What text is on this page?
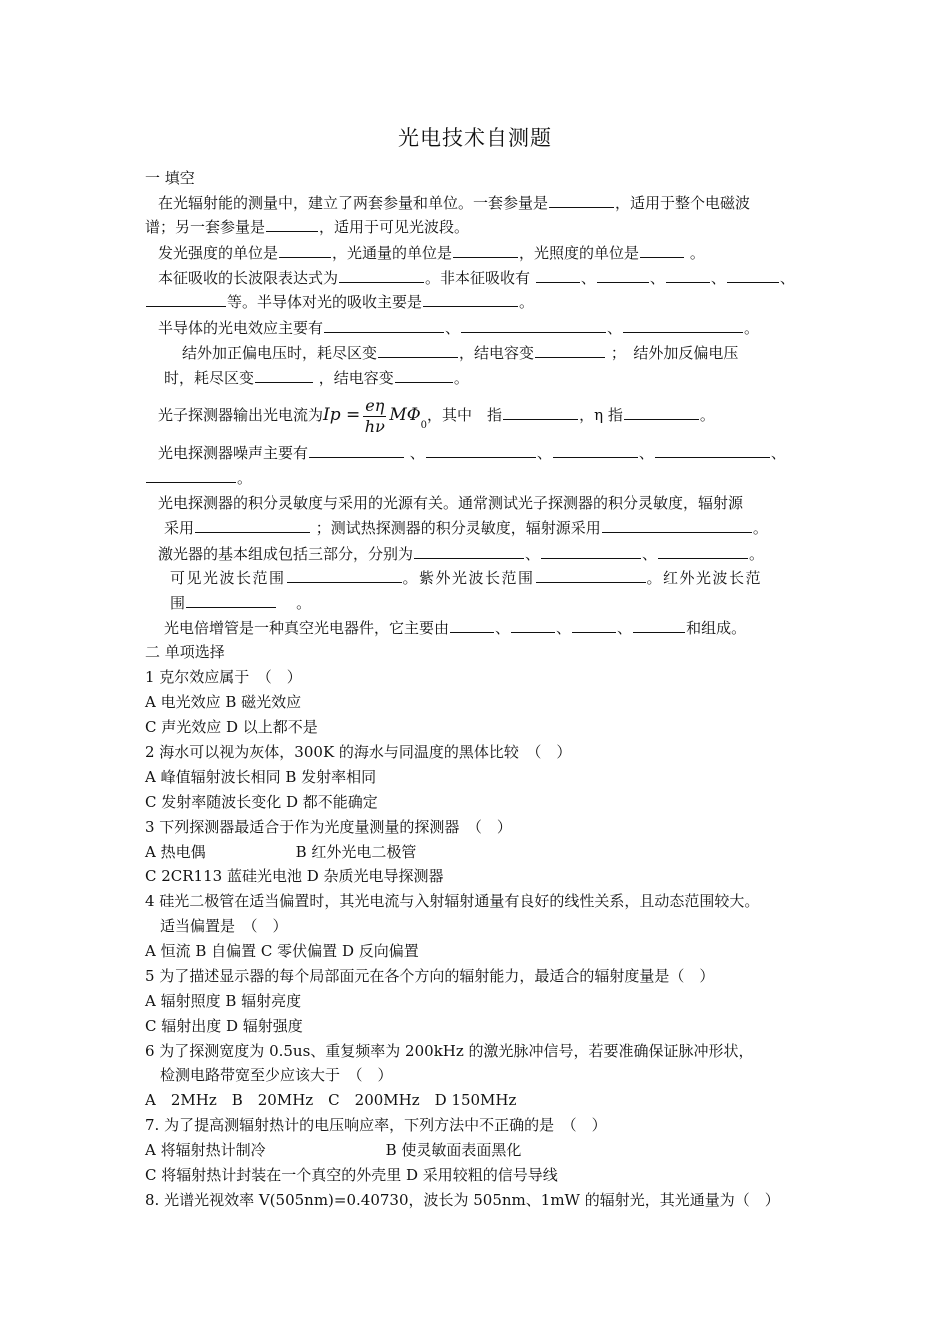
光电技术自测题
一 填空
在光辐射能的测量中，建立了两套参量和单位。一套参量是	，适用于整个电磁波
谱；另一套参量是	，适用于可见光波段。
发光强度的单位是	，光通量的单位是	，光照度的单位是	。
本征吸收的长波限表达式为	。非本征吸收有	、	、	、	、
等。半导体对光的吸收主要是	。
半导体的光电效应主要有	、	、	。
结外加正偏电压时，耗尽区变	，结电容变	；　结外加反偏电压
时，耗尽区变	，结电容变	。
光子探测器输出光电流为$Ip = \frac{e\eta}{h\nu} M\Phi_0$，其中　指	，η 指	。
光电探测器噪声主要有	、	、	、	、
。
光电探测器的积分灵敏度与采用的光源有关。通常测试光子探测器的积分灵敏度，辐射源
采用	；测试热探测器的积分灵敏度，辐射源采用	。
激光器的基本组成包括三部分，分别为	、	、	。
可见光波长范围	。紫外光波长范围	。红外光波长范
围	。
光电倍增管是一种真空光电器件，它主要由	、	、	、	和组成。
二 单项选择
1 克尔效应属于　（　）
A 电光效应 B 磁光效应
C 声光效应 D 以上都不是
2 海水可以视为灰体，300K 的海水与同温度的黑体比较　（　）
A 峰值辐射波长相同 B 发射率相同
C 发射率随波长变化 D 都不能确定
3 下列探测器最适合于作为光度量测量的探测器　（　）
A 热电偶　　　　　　B 红外光电二极管
C 2CR113 蓝硅光电池 D 杂质光电导探测器
4 硅光二极管在适当偏置时，其光电流与入射辐射通量有良好的线性关系，且动态范围较大。
适当偏置是　（　）
A 恒流 B 自偏置 C 零伏偏置 D 反向偏置
5 为了描述显示器的每个局部面元在各个方向的辐射能力，最适合的辐射度量是（　）
A 辐射照度 B 辐射亮度
C 辐射出度 D 辐射强度
6 为了探测宽度为 0.5us、重复频率为 200kHz 的激光脉冲信号，若要准确保证脉冲形状，
检测电路带宽至少应该大于　（　）
A　2MHz　B　20MHz　C　200MHz　D 150MHz
7. 为了提高测辐射热计的电压响应率，下列方法中不正确的是　（　）
A 将辐射热计制冷　　　　　　　　B 使灵敏面表面黑化
C 将辐射热计封装在一个真空的外壳里 D 采用较粗的信号导线
8. 光谱光视效率 V(505nm)=0.40730，波长为 505nm、1mW 的辐射光，其光通量为（　）
